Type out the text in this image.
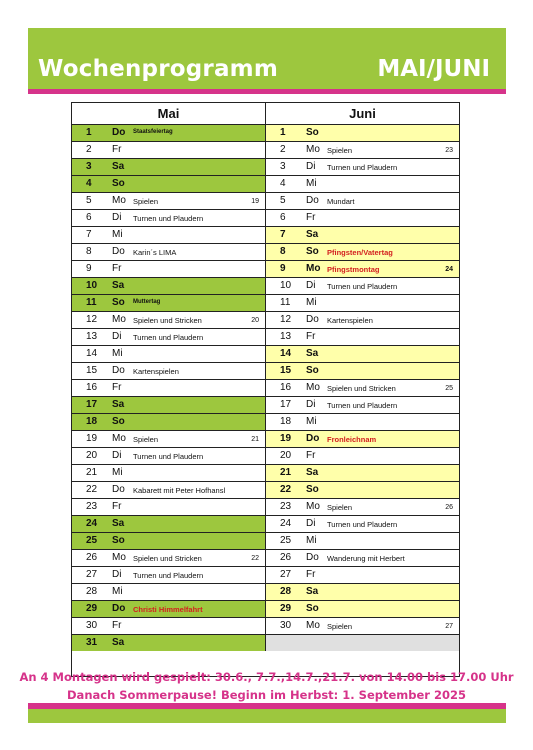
Wochenprogramm	MAI/JUNI
Mai
1	Do Staatsfeiertag
2	Fr
3	Sa
4	So
5	Mo Spielen	19
6	Di Turnen und Plaudern
7	Mi
8	Do Karin´s LIMA
9	Fr
10	Sa
11	So Muttertag
12	Mo Spielen und Stricken	20
13	Di Turnen und Plaudern
14	Mi
15	Do Kartenspielen
16	Fr
17	Sa
18	So
19	Mo Spielen	21
20	Di Turnen und Plaudern
21	Mi
22	Do Kabarett mit Peter Hofhansl
23	Fr
24	Sa
25	So
26	Mo Spielen und Stricken	22
27	Di Turnen und Plaudern
28	Mi
29	Do Christi Himmelfahrt
30	Fr
31	Sa
Juni
1	So
2	Mo Spielen	23
3	Di Turnen und Plaudern
4	Mi
5	Do Mundart
6	Fr
7	Sa
8	So Pfingsten/Vatertag
9	Mo Pfingstmontag	24
10	Di Turnen und Plaudern
11	Mi
12	Do Kartenspielen
13	Fr
14	Sa
15	So
16	Mo Spielen und Stricken	25
17	Di Turnen und Plaudern
18	Mi
19	Do Fronleichnam
20	Fr
21	Sa
22	So
23	Mo Spielen	26
24	Di Turnen und Plaudern
25	Mi
26	Do Wanderung mit Herbert
27	Fr
28	Sa
29	So
30	Mo Spielen	27
An 4 Montagen wird gespielt: 30.6., 7.7.,14.7.,21.7. von 14.00 bis 17.00 Uhr
Danach Sommerpause! Beginn im Herbst: 1. September 2025
